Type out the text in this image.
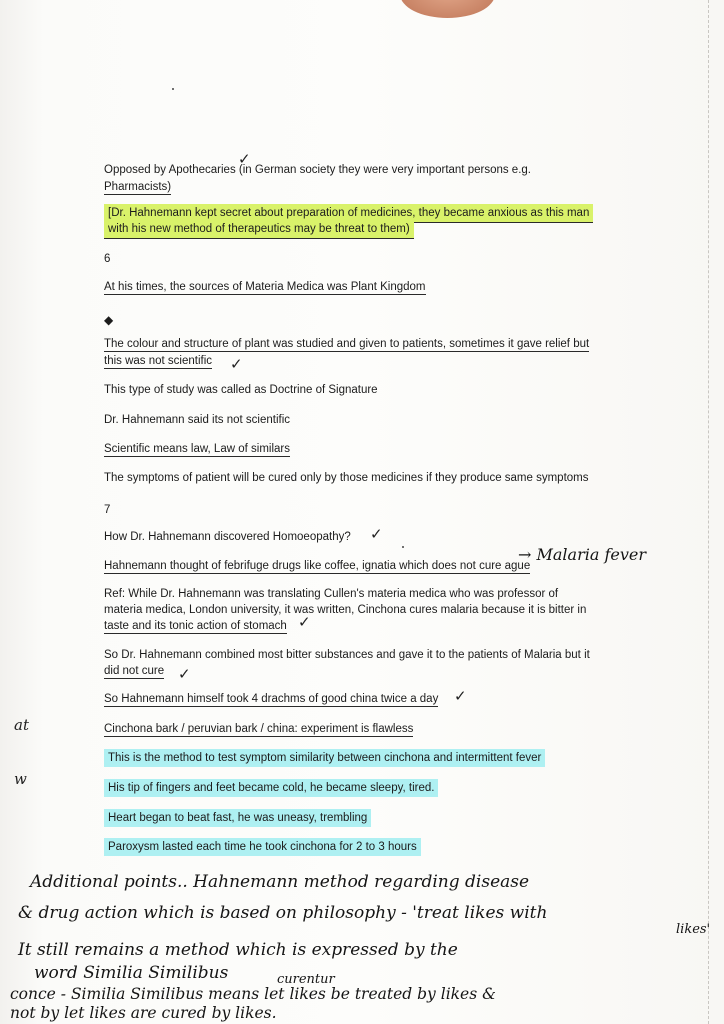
Opposed by Apothecaries (in German society they were very important persons e.g.
Pharmacists)
[Dr. Hahnemann kept secret about preparation of medicines, they became anxious as this man
with his new method of therapeutics may be threat to them)
6
At his times, the sources of Materia Medica was Plant Kingdom
◆
The colour and structure of plant was studied and given to patients, sometimes it gave relief but
this was not scientific
This type of study was called as Doctrine of Signature
Dr. Hahnemann said its not scientific
Scientific means law, Law of similars
The symptoms of patient will be cured only by those medicines if they produce same symptoms
7
How Dr. Hahnemann discovered Homoeopathy?
Hahnemann thought of febrifuge drugs like coffee, ignatia which does not cure ague
Ref: While Dr. Hahnemann was translating Cullen's materia medica who was professor of
materia medica, London university, it was written, Cinchona cures malaria because it is bitter in
taste and its tonic action of stomach
So Dr. Hahnemann combined most bitter substances and gave it to the patients of Malaria but it
did not cure
So Hahnemann himself took 4 drachms of good china twice a day
Cinchona bark / peruvian bark / china: experiment is flawless
This is the method to test symptom similarity between cinchona and intermittent fever
His tip of fingers and feet became cold, he became sleepy, tired.
Heart began to beat fast, he was uneasy, trembling
Paroxysm lasted each time he took cinchona for 2 to 3 hours
✓
✓
✓
✓
✓
✓
→ Malaria fever
at
w
Additional points.. Hahnemann method regarding disease
& drug action which is based on philosophy - 'treat likes with
likes'
It still remains a method which is expressed by the
word Similia Similibus	curentur
conce - Similia Similibus means let likes be treated by likes &
not by let likes are cured by likes.
